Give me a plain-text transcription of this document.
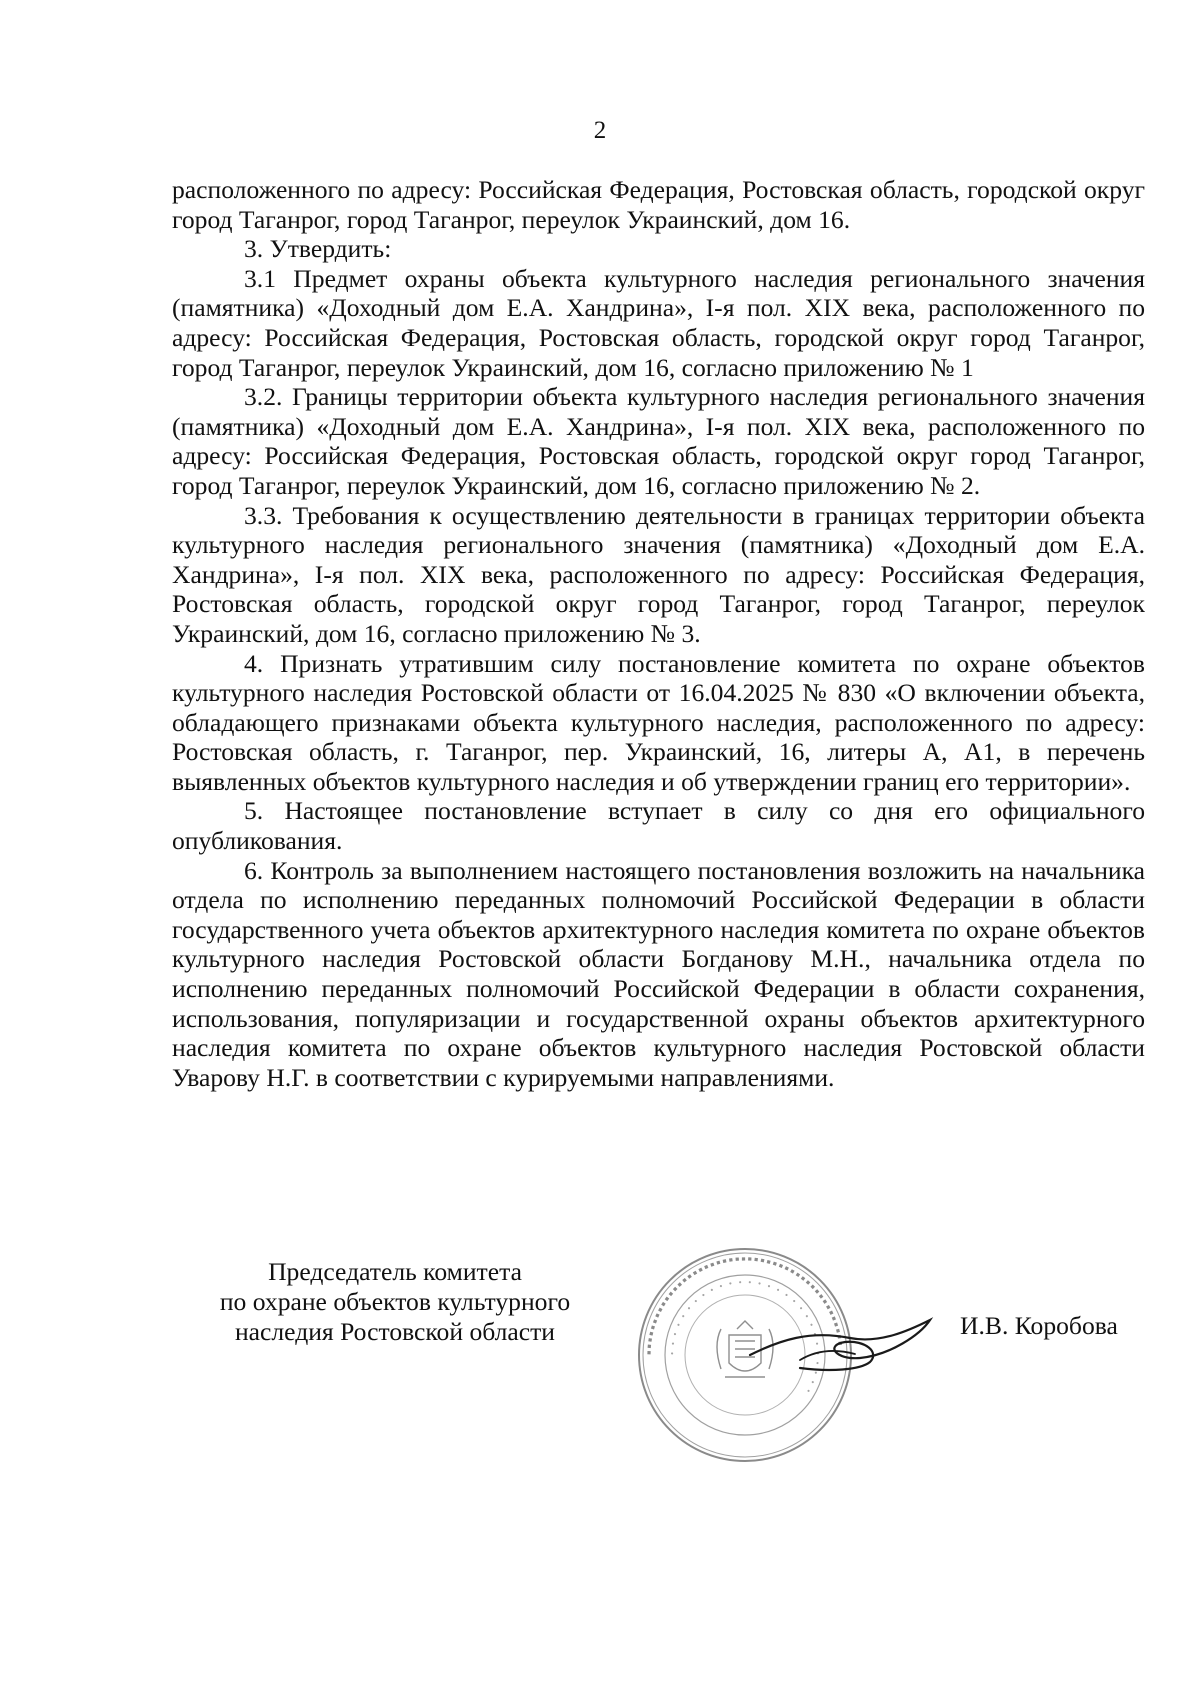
2

расположенного по адресу: Российская Федерация, Ростовская область, городской округ город Таганрог, город Таганрог, переулок Украинский, дом 16.

3. Утвердить:

3.1 Предмет охраны объекта культурного наследия регионального значения (памятника) «Доходный дом Е.А. Хандрина», I-я пол. XIX века, расположенного по адресу: Российская Федерация, Ростовская область, городской округ город Таганрог, город Таганрог, переулок Украинский, дом 16, согласно приложению № 1

3.2. Границы территории объекта культурного наследия регионального значения (памятника) «Доходный дом Е.А. Хандрина», I-я пол. XIX века, расположенного по адресу: Российская Федерация, Ростовская область, городской округ город Таганрог, город Таганрог, переулок Украинский, дом 16, согласно приложению № 2.

3.3. Требования к осуществлению деятельности в границах территории объекта культурного наследия регионального значения (памятника) «Доходный дом Е.А. Хандрина», I-я пол. XIX века, расположенного по адресу: Российская Федерация, Ростовская область, городской округ город Таганрог, город Таганрог, переулок Украинский, дом 16, согласно приложению № 3.

4. Признать утратившим силу постановление комитета по охране объектов культурного наследия Ростовской области от 16.04.2025 № 830 «О включении объекта, обладающего признаками объекта культурного наследия, расположенного по адресу: Ростовская область, г. Таганрог, пер. Украинский, 16, литеры А, А1, в перечень выявленных объектов культурного наследия и об утверждении границ его территории».

5. Настоящее постановление вступает в силу со дня его официального опубликования.

6. Контроль за выполнением настоящего постановления возложить на начальника отдела по исполнению переданных полномочий Российской Федерации в области государственного учета объектов архитектурного наследия комитета по охране объектов культурного наследия Ростовской области Богданову М.Н., начальника отдела по исполнению переданных полномочий Российской Федерации в области сохранения, использования, популяризации и государственной охраны объектов архитектурного наследия комитета по охране объектов культурного наследия Ростовской области Уварову Н.Г. в соответствии с курируемыми направлениями.

Председатель комитета
по охране объектов культурного
наследия Ростовской области
▪▪▪▪▪▪▪▪▪▪▪▪▪▪▪▪▪▪▪▪▪▪▪▪▪▪▪▪▪▪▪▪▪▪▪▪▪▪▪▪▪▪▪▪▪▪
• • • • • • • • • • • • • • • • • • • • • • • • • • • •
И.В. Коробова
